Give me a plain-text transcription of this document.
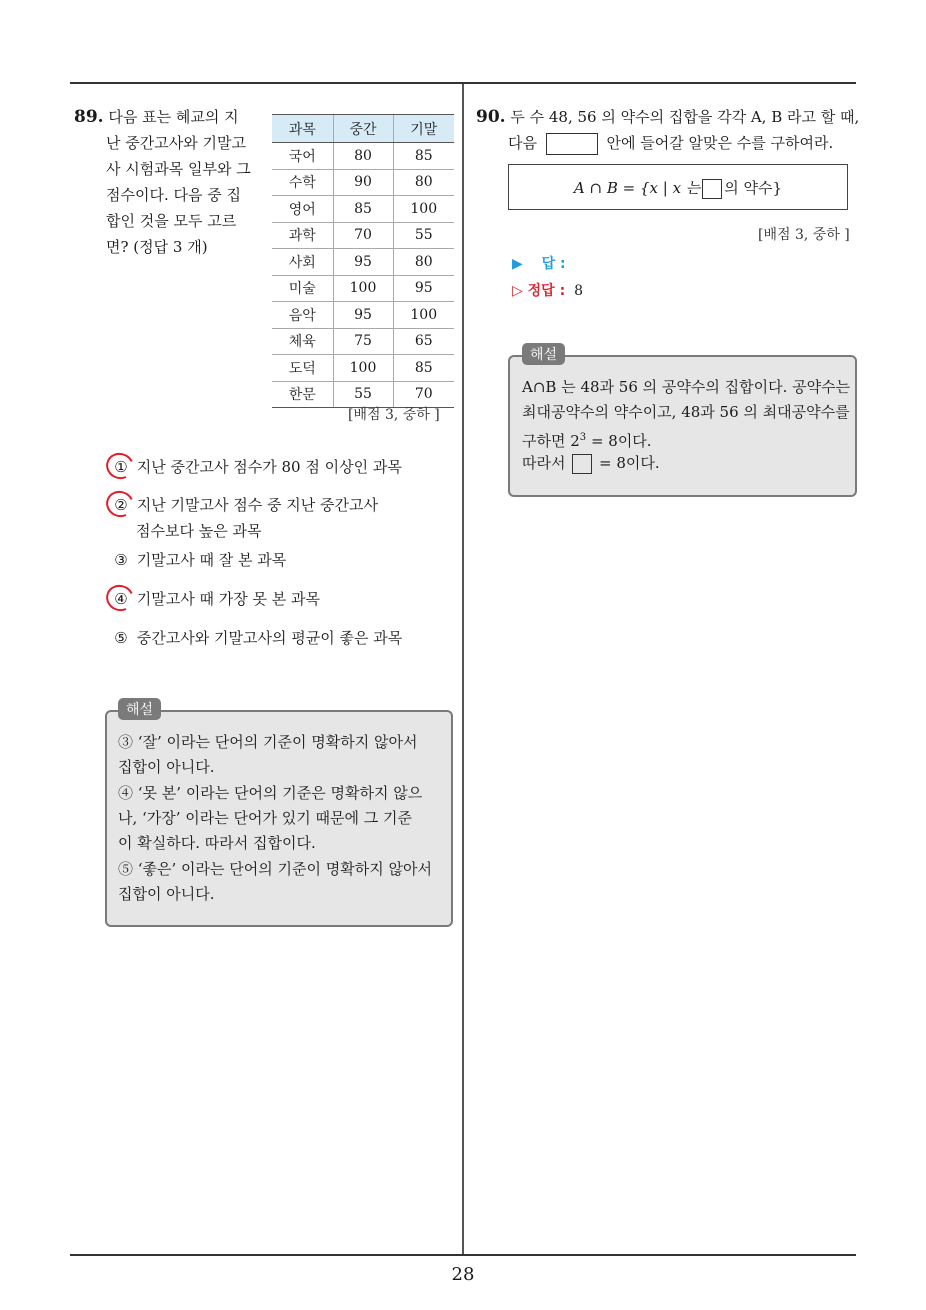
89. 다음 표는 혜교의 지
난 중간고사와 기말고
사 시험과목 일부와 그
점수이다. 다음 중 집
합인 것을 모두 고르
면? (정답 3 개)
과목	중간	기말
국어	80	85
수학	90	80
영어	85	100
과학	70	55
사회	95	80
미술	100	95
음악	95	100
체육	75	65
도덕	100	85
한문	55	70
[배점 3, 중하 ]
① 지난 중간고사 점수가 80 점 이상인 과목
② 지난 기말고사 점수 중 지난 중간고사
점수보다 높은 과목
③ 기말고사 때 잘 본 과목
④ 기말고사 때 가장 못 본 과목
⑤ 중간고사와 기말고사의 평균이 좋은 과목
해설
③ ‘잘’ 이라는 단어의 기준이 명확하지 않아서
집합이 아니다.
④ ‘못 본’ 이라는 단어의 기준은 명확하지 않으
나, ‘가장’ 이라는 단어가 있기 때문에 그 기준
이 확실하다. 따라서 집합이다.
⑤ ‘좋은’ 이라는 단어의 기준이 명확하지 않아서
집합이 아니다.
90. 두 수 48, 56 의 약수의 집합을 각각 A, B 라고 할 때,
다음	안에 들어갈 알맞은 수를 구하여라.
A ∩ B = {x | x 는 의 약수}
[배점 3, 중하 ]
▶ 답 :
▷ 정답 : 8
해설
A∩B 는 48과 56 의 공약수의 집합이다. 공약수는
최대공약수의 약수이고, 48과 56 의 최대공약수를
구하면 $2^3 = 8$이다.
따라서 = 8이다.
28
